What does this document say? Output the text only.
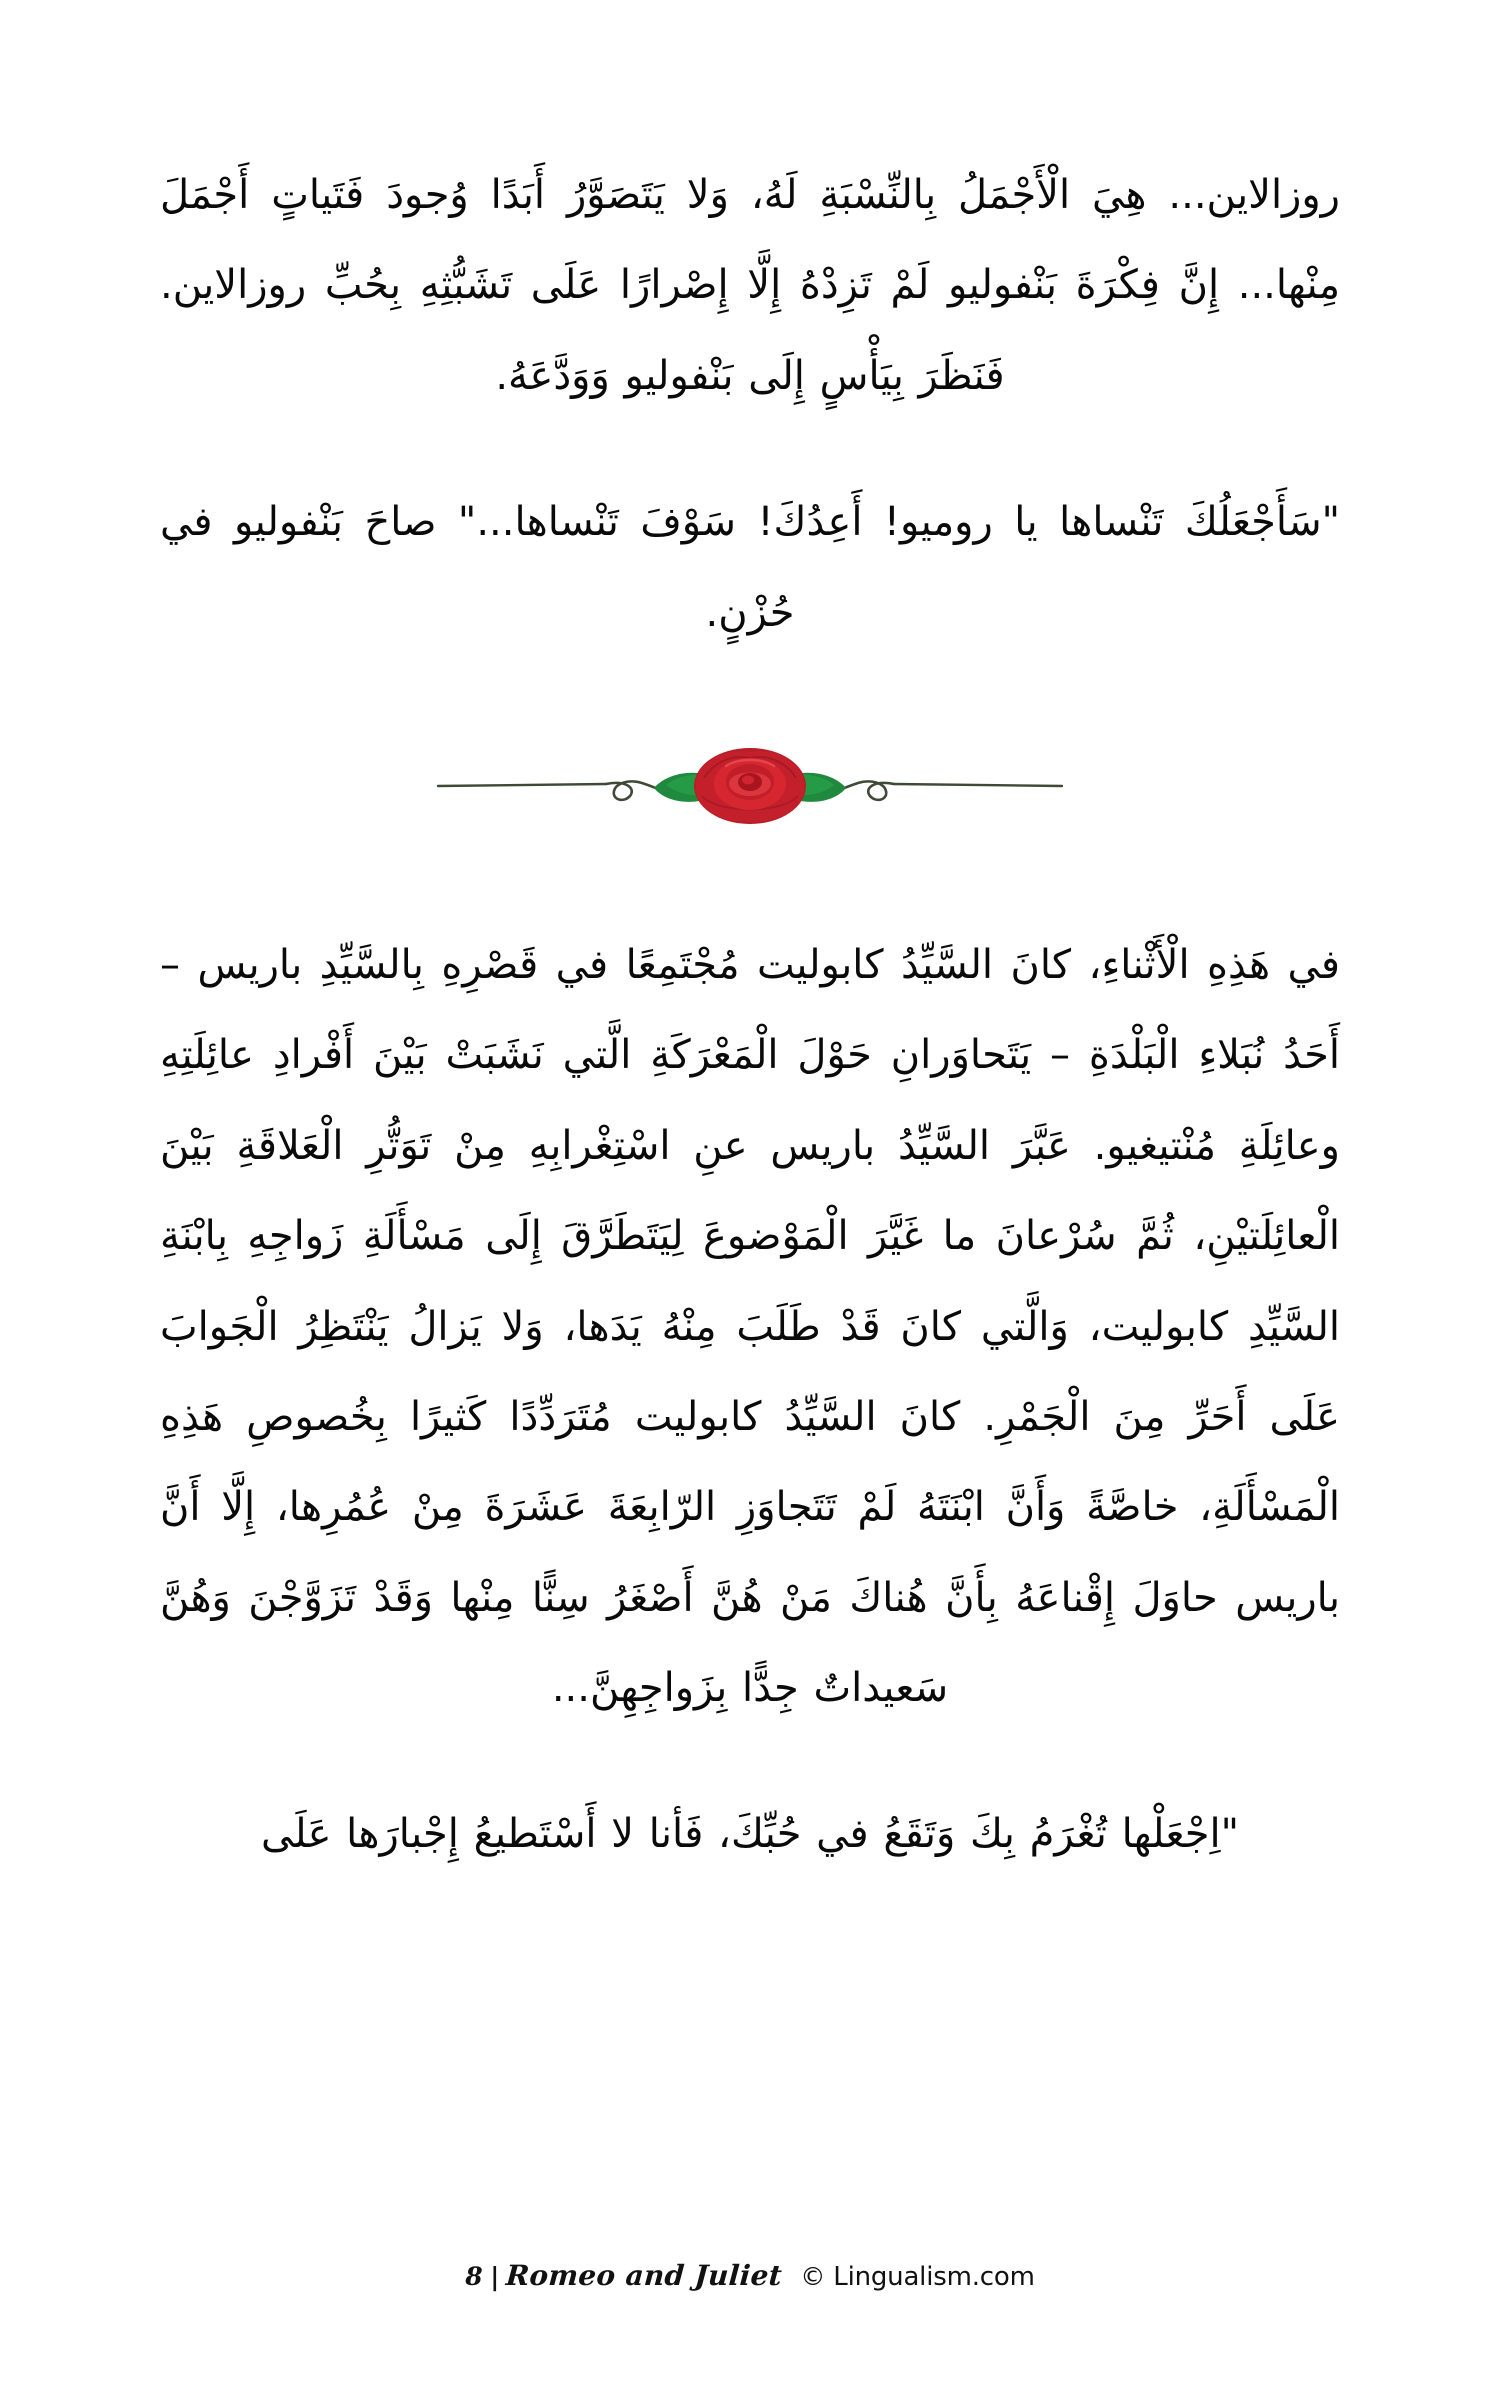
روزالاين... هِيَ الْأَجْمَلُ بِالنِّسْبَةِ لَهُ، وَلا يَتَصَوَّرُ أَبَدًا وُجودَ فَتَياتٍ أَجْمَلَ مِنْها... إِنَّ فِكْرَةَ بَنْفوليو لَمْ تَزِدْهُ إِلَّا إِصْرارًا عَلَى تَشَبُّثِهِ بِحُبِّ روزالاين. فَنَظَرَ بِيَأْسٍ إِلَى بَنْفوليو وَوَدَّعَهُ.

"سَأَجْعَلُكَ تَنْساها يا روميو! أَعِدُكَ! سَوْفَ تَنْساها..." صاحَ بَنْفوليو في حُزْنٍ.

في هَذِهِ الْأَثْناءِ، كانَ السَّيِّدُ كابوليت مُجْتَمِعًا في قَصْرِهِ بِالسَّيِّدِ باريس – أَحَدُ نُبَلاءِ الْبَلْدَةِ – يَتَحاوَرانِ حَوْلَ الْمَعْرَكَةِ الَّتي نَشَبَتْ بَيْنَ أَفْرادِ عائِلَتِهِ وعائِلَةِ مُنْتيغيو. عَبَّرَ السَّيِّدُ باريس عنِ اسْتِغْرابِهِ مِنْ تَوَتُّرِ الْعَلاقَةِ بَيْنَ الْعائِلَتيْنِ، ثُمَّ سُرْعانَ ما غَيَّرَ الْمَوْضوعَ لِيَتَطَرَّقَ إِلَى مَسْأَلَةِ زَواجِهِ بِابْنَةِ السَّيِّدِ كابوليت، وَالَّتي كانَ قَدْ طَلَبَ مِنْهُ يَدَها، وَلا يَزالُ يَنْتَظِرُ الْجَوابَ عَلَى أَحَرِّ مِنَ الْجَمْرِ. كانَ السَّيِّدُ كابوليت مُتَرَدِّدًا كَثيرًا بِخُصوصِ هَذِهِ الْمَسْأَلَةِ، خاصَّةً وَأَنَّ ابْنَتَهُ لَمْ تَتَجاوَزِ الرّابِعَةَ عَشَرَةَ مِنْ عُمُرِها، إِلَّا أَنَّ باريس حاوَلَ إِقْناعَهُ بِأَنَّ هُناكَ مَنْ هُنَّ أَصْغَرُ سِنًّا مِنْها وَقَدْ تَزَوَّجْنَ وَهُنَّ سَعيداتٌ جِدًّا بِزَواجِهِنَّ...

"اِجْعَلْها تُغْرَمُ بِكَ وَتَقَعُ في حُبِّكَ، فَأنا لا أَسْتَطيعُ إِجْبارَها عَلَى

8 | Romeo and Juliet © Lingualism.com
